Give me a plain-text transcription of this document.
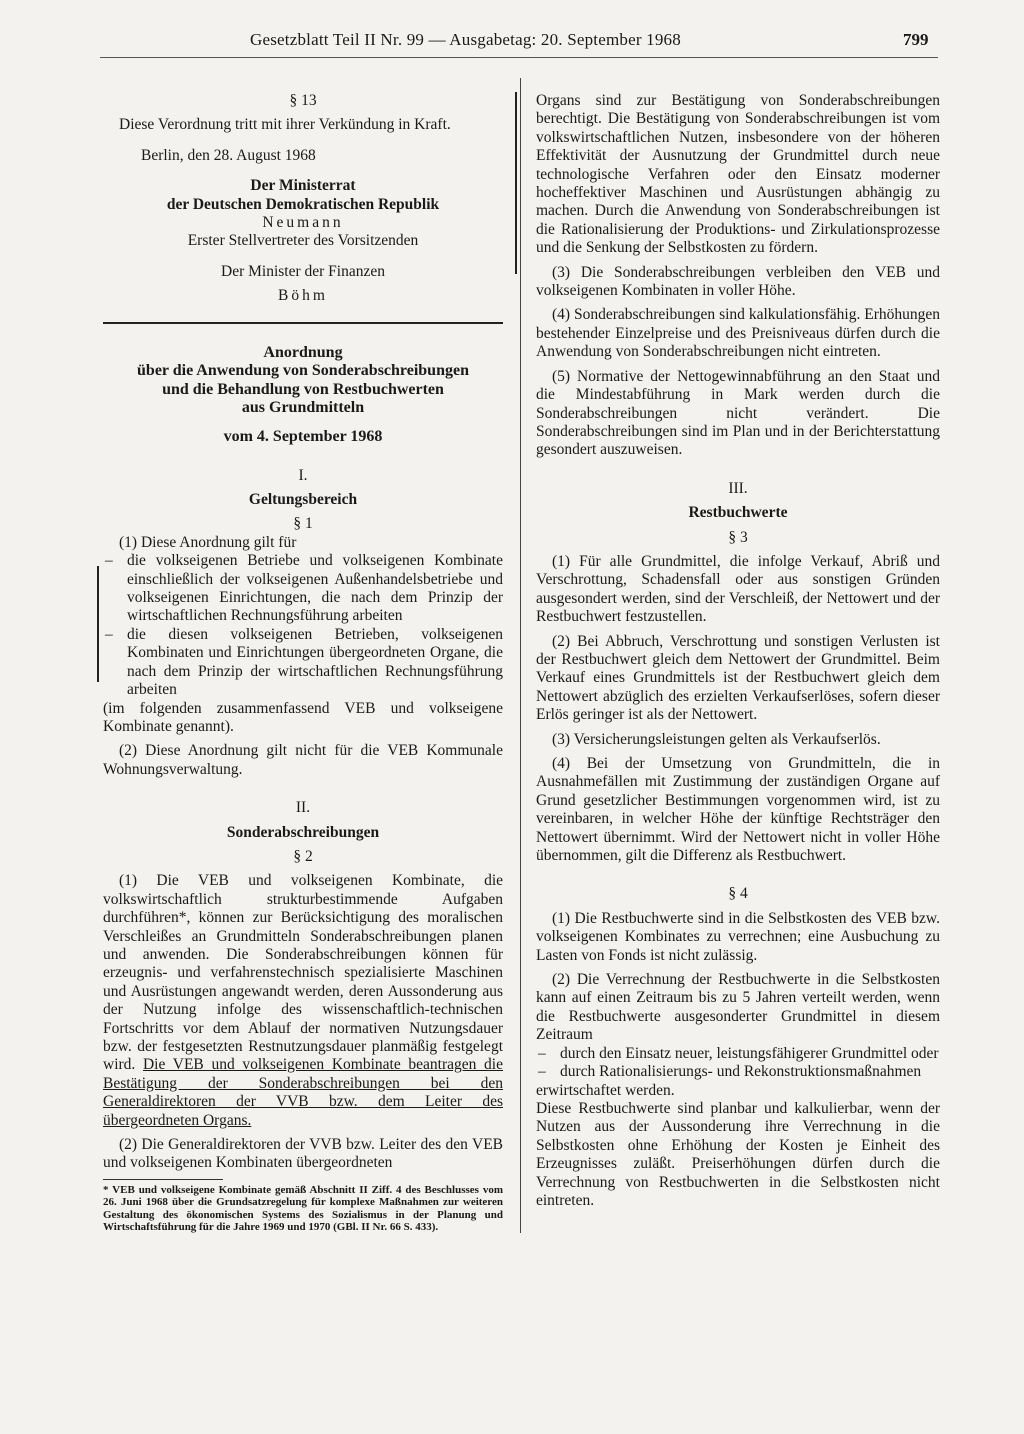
Gesetzblatt Teil II Nr. 99 — Ausgabetag: 20. September 1968	799

§ 13

Diese Verordnung tritt mit ihrer Verkündung in Kraft.

Berlin, den 28. August 1968

Der Ministerrat

der Deutschen Demokratischen Republik

Neumann

Erster Stellvertreter des Vorsitzenden

Der Minister der Finanzen

Böhm

Anordnung

über die Anwendung von Sonderabschreibungen

und die Behandlung von Restbuchwerten

aus Grundmitteln

vom 4. September 1968

I.

Geltungsbereich

§ 1

(1) Diese Anordnung gilt für

– die volkseigenen Betriebe und volkseigenen Kombinate einschließlich der volkseigenen Außenhandelsbetriebe und volkseigenen Einrichtungen, die nach dem Prinzip der wirtschaftlichen Rechnungsführung arbeiten
– die diesen volkseigenen Betrieben, volkseigenen Kombinaten und Einrichtungen übergeordneten Organe, die nach dem Prinzip der wirtschaftlichen Rechnungsführung arbeiten

(im folgenden zusammenfassend VEB und volkseigene Kombinate genannt).

(2) Diese Anordnung gilt nicht für die VEB Kommunale Wohnungsverwaltung.

II.

Sonderabschreibungen

§ 2

(1) Die VEB und volkseigenen Kombinate, die volkswirtschaftlich strukturbestimmende Aufgaben durchführen*, können zur Berücksichtigung des moralischen Verschleißes an Grundmitteln Sonderabschreibungen planen und anwenden. Die Sonderabschreibungen können für erzeugnis- und verfahrenstechnisch spezialisierte Maschinen und Ausrüstungen angewandt werden, deren Aussonderung aus der Nutzung infolge des wissenschaftlich-technischen Fortschritts vor dem Ablauf der normativen Nutzungsdauer bzw. der festgesetzten Restnutzungsdauer planmäßig festgelegt wird. Die VEB und volkseigenen Kombinate beantragen die Bestätigung der Sonderabschreibungen bei den Generaldirektoren der VVB bzw. dem Leiter des übergeordneten Organs.

(2) Die Generaldirektoren der VVB bzw. Leiter des den VEB und volkseigenen Kombinaten übergeordneten

* VEB und volkseigene Kombinate gemäß Abschnitt II Ziff. 4 des Beschlusses vom 26. Juni 1968 über die Grundsatzregelung für komplexe Maßnahmen zur weiteren Gestaltung des ökonomischen Systems des Sozialismus in der Planung und Wirtschaftsführung für die Jahre 1969 und 1970 (GBl. II Nr. 66 S. 433).

Organs sind zur Bestätigung von Sonderabschreibungen berechtigt. Die Bestätigung von Sonderabschreibungen ist vom volkswirtschaftlichen Nutzen, insbesondere von der höheren Effektivität der Ausnutzung der Grundmittel durch neue technologische Verfahren oder den Einsatz moderner hocheffektiver Maschinen und Ausrüstungen abhängig zu machen. Durch die Anwendung von Sonderabschreibungen ist die Rationalisierung der Produktions- und Zirkulationsprozesse und die Senkung der Selbstkosten zu fördern.

(3) Die Sonderabschreibungen verbleiben den VEB und volkseigenen Kombinaten in voller Höhe.

(4) Sonderabschreibungen sind kalkulationsfähig. Erhöhungen bestehender Einzelpreise und des Preisniveaus dürfen durch die Anwendung von Sonderabschreibungen nicht eintreten.

(5) Normative der Nettogewinnabführung an den Staat und die Mindestabführung in Mark werden durch die Sonderabschreibungen nicht verändert. Die Sonderabschreibungen sind im Plan und in der Berichterstattung gesondert auszuweisen.

III.

Restbuchwerte

§ 3

(1) Für alle Grundmittel, die infolge Verkauf, Abriß und Verschrottung, Schadensfall oder aus sonstigen Gründen ausgesondert werden, sind der Verschleiß, der Nettowert und der Restbuchwert festzustellen.

(2) Bei Abbruch, Verschrottung und sonstigen Verlusten ist der Restbuchwert gleich dem Nettowert der Grundmittel. Beim Verkauf eines Grundmittels ist der Restbuchwert gleich dem Nettowert abzüglich des erzielten Verkaufserlöses, sofern dieser Erlös geringer ist als der Nettowert.

(3) Versicherungsleistungen gelten als Verkaufserlös.

(4) Bei der Umsetzung von Grundmitteln, die in Ausnahmefällen mit Zustimmung der zuständigen Organe auf Grund gesetzlicher Bestimmungen vorgenommen wird, ist zu vereinbaren, in welcher Höhe der künftige Rechtsträger den Nettowert übernimmt. Wird der Nettowert nicht in voller Höhe übernommen, gilt die Differenz als Restbuchwert.

§ 4

(1) Die Restbuchwerte sind in die Selbstkosten des VEB bzw. volkseigenen Kombinates zu verrechnen; eine Ausbuchung zu Lasten von Fonds ist nicht zulässig.

(2) Die Verrechnung der Restbuchwerte in die Selbstkosten kann auf einen Zeitraum bis zu 5 Jahren verteilt werden, wenn die Restbuchwerte ausgesonderter Grundmittel in diesem Zeitraum

– durch den Einsatz neuer, leistungsfähigerer Grundmittel oder
– durch Rationalisierungs- und Rekonstruktionsmaßnahmen

erwirtschaftet werden.

Diese Restbuchwerte sind planbar und kalkulierbar, wenn der Nutzen aus der Aussonderung ihre Verrechnung in die Selbstkosten ohne Erhöhung der Kosten je Einheit des Erzeugnisses zuläßt. Preiserhöhungen dürfen durch die Verrechnung von Restbuchwerten in die Selbstkosten nicht eintreten.
